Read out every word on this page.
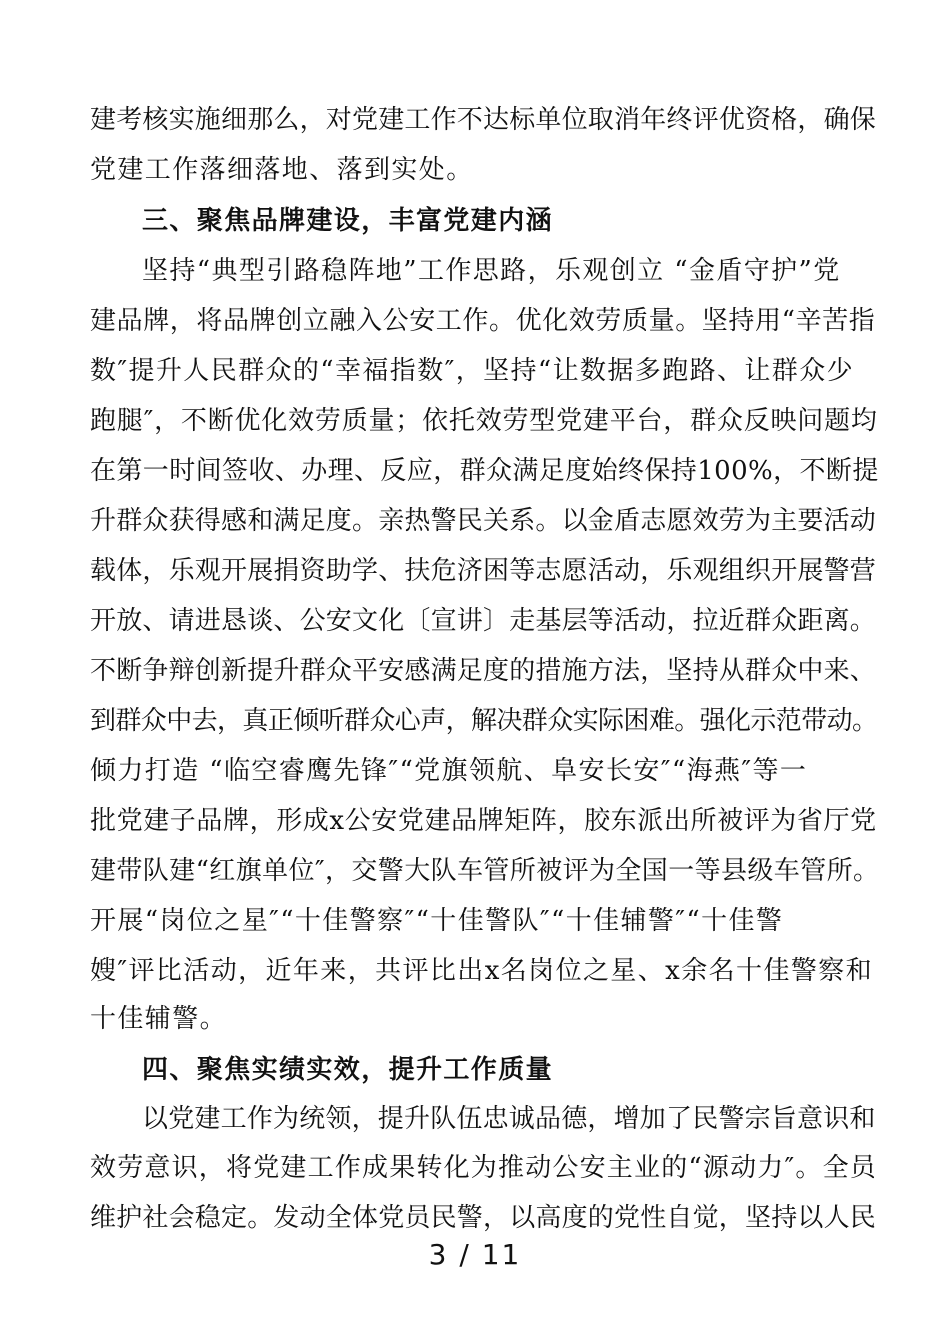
建考核实施细那么，对党建工作不达标单位取消年终评优资格，确保
党建工作落细落地、落到实处。
三、聚焦品牌建设，丰富党建内涵
坚持“典型引路稳阵地”工作思路，乐观创立 “金盾守护”党
建品牌，将品牌创立融入公安工作。优化效劳质量。坚持用“辛苦指
数″提升人民群众的“幸福指数″，坚持“让数据多跑路、让群众少
跑腿″，不断优化效劳质量；依托效劳型党建平台，群众反映问题均
在第一时间签收、办理、反应，群众满足度始终保持100%，不断提
升群众获得感和满足度。亲热警民关系。以金盾志愿效劳为主要活动
载体，乐观开展捐资助学、扶危济困等志愿活动，乐观组织开展警营
开放、请进恳谈、公安文化〔宣讲〕走基层等活动，拉近群众距离。
不断争辩创新提升群众平安感满足度的措施方法，坚持从群众中来、
到群众中去，真正倾听群众心声，解决群众实际困难。强化示范带动。
倾力打造 “临空睿鹰先锋″“党旗领航、阜安长安″“海燕″等一
批党建子品牌，形成x公安党建品牌矩阵，胶东派出所被评为省厅党
建带队建“红旗单位″，交警大队车管所被评为全国一等县级车管所。
开展“岗位之星″“十佳警察″“十佳警队″“十佳辅警″“十佳警
嫂″评比活动，近年来，共评比出x名岗位之星、x余名十佳警察和
十佳辅警。
四、聚焦实绩实效，提升工作质量
以党建工作为统领，提升队伍忠诚品德，增加了民警宗旨意识和
效劳意识，将党建工作成果转化为推动公安主业的“源动力″。全员
维护社会稳定。发动全体党员民警，以高度的党性自觉，坚持以人民
3 / 11
